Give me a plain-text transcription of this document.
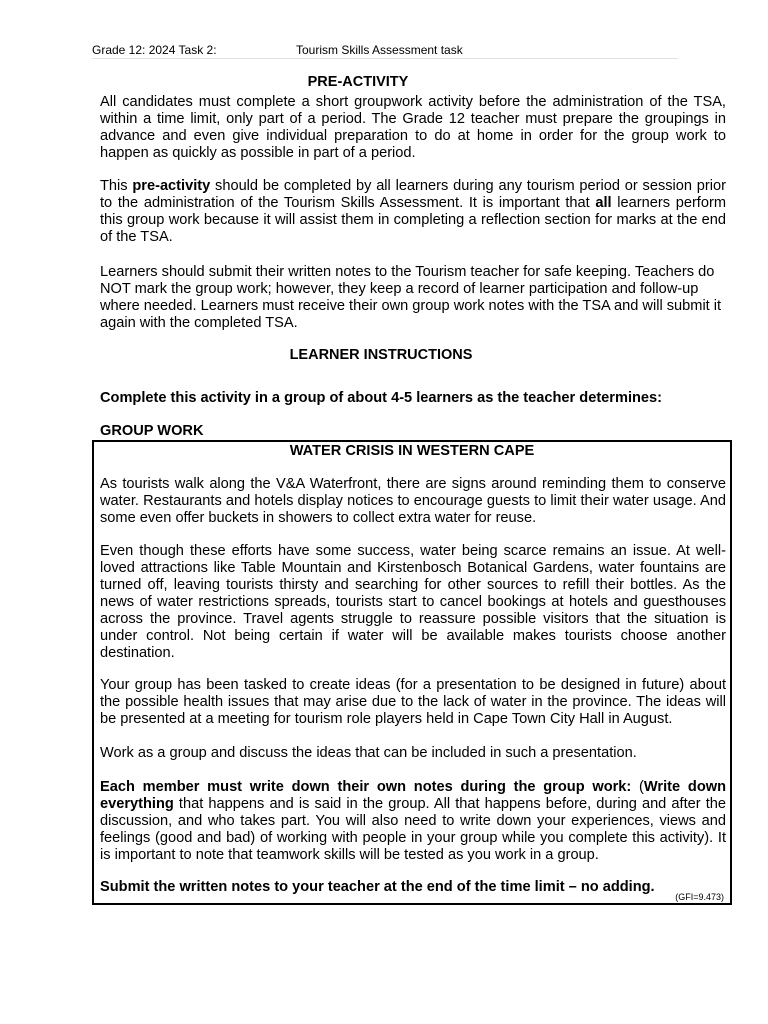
Grade 12: 2024 Task 2:	Tourism Skills Assessment task
PRE-ACTIVITY

All candidates must complete a short groupwork activity before the administration of the TSA, within a time limit, only part of a period. The Grade 12 teacher must prepare the groupings in advance and even give individual preparation to do at home in order for the group work to happen as quickly as possible in part of a period.

This pre-activity should be completed by all learners during any tourism period or session prior to the administration of the Tourism Skills Assessment. It is important that all learners perform this group work because it will assist them in completing a reflection section for marks at the end of the TSA.

Learners should submit their written notes to the Tourism teacher for safe keeping. Teachers do NOT mark the group work; however, they keep a record of learner participation and follow-up where needed. Learners must receive their own group work notes with the TSA and will submit it again with the completed TSA.

LEARNER INSTRUCTIONS
Complete this activity in a group of about 4-5 learners as the teacher determines:
GROUP WORK
WATER CRISIS IN WESTERN CAPE

As tourists walk along the V&A Waterfront, there are signs around reminding them to conserve water. Restaurants and hotels display notices to encourage guests to limit their water usage. And some even offer buckets in showers to collect extra water for reuse.

Even though these efforts have some success, water being scarce remains an issue. At well-loved attractions like Table Mountain and Kirstenbosch Botanical Gardens, water fountains are turned off, leaving tourists thirsty and searching for other sources to refill their bottles. As the news of water restrictions spreads, tourists start to cancel bookings at hotels and guesthouses across the province. Travel agents struggle to reassure possible visitors that the situation is under control. Not being certain if water will be available makes tourists choose another destination.

Your group has been tasked to create ideas (for a presentation to be designed in future) about the possible health issues that may arise due to the lack of water in the province. The ideas will be presented at a meeting for tourism role players held in Cape Town City Hall in August.

Work as a group and discuss the ideas that can be included in such a presentation.

Each member must write down their own notes during the group work: (Write down everything that happens and is said in the group. All that happens before, during and after the discussion, and who takes part. You will also need to write down your experiences, views and feelings (good and bad) of working with people in your group while you complete this activity). It is important to note that teamwork skills will be tested as you work in a group.

Submit the written notes to your teacher at the end of the time limit – no adding.

(GFI=9.473)
